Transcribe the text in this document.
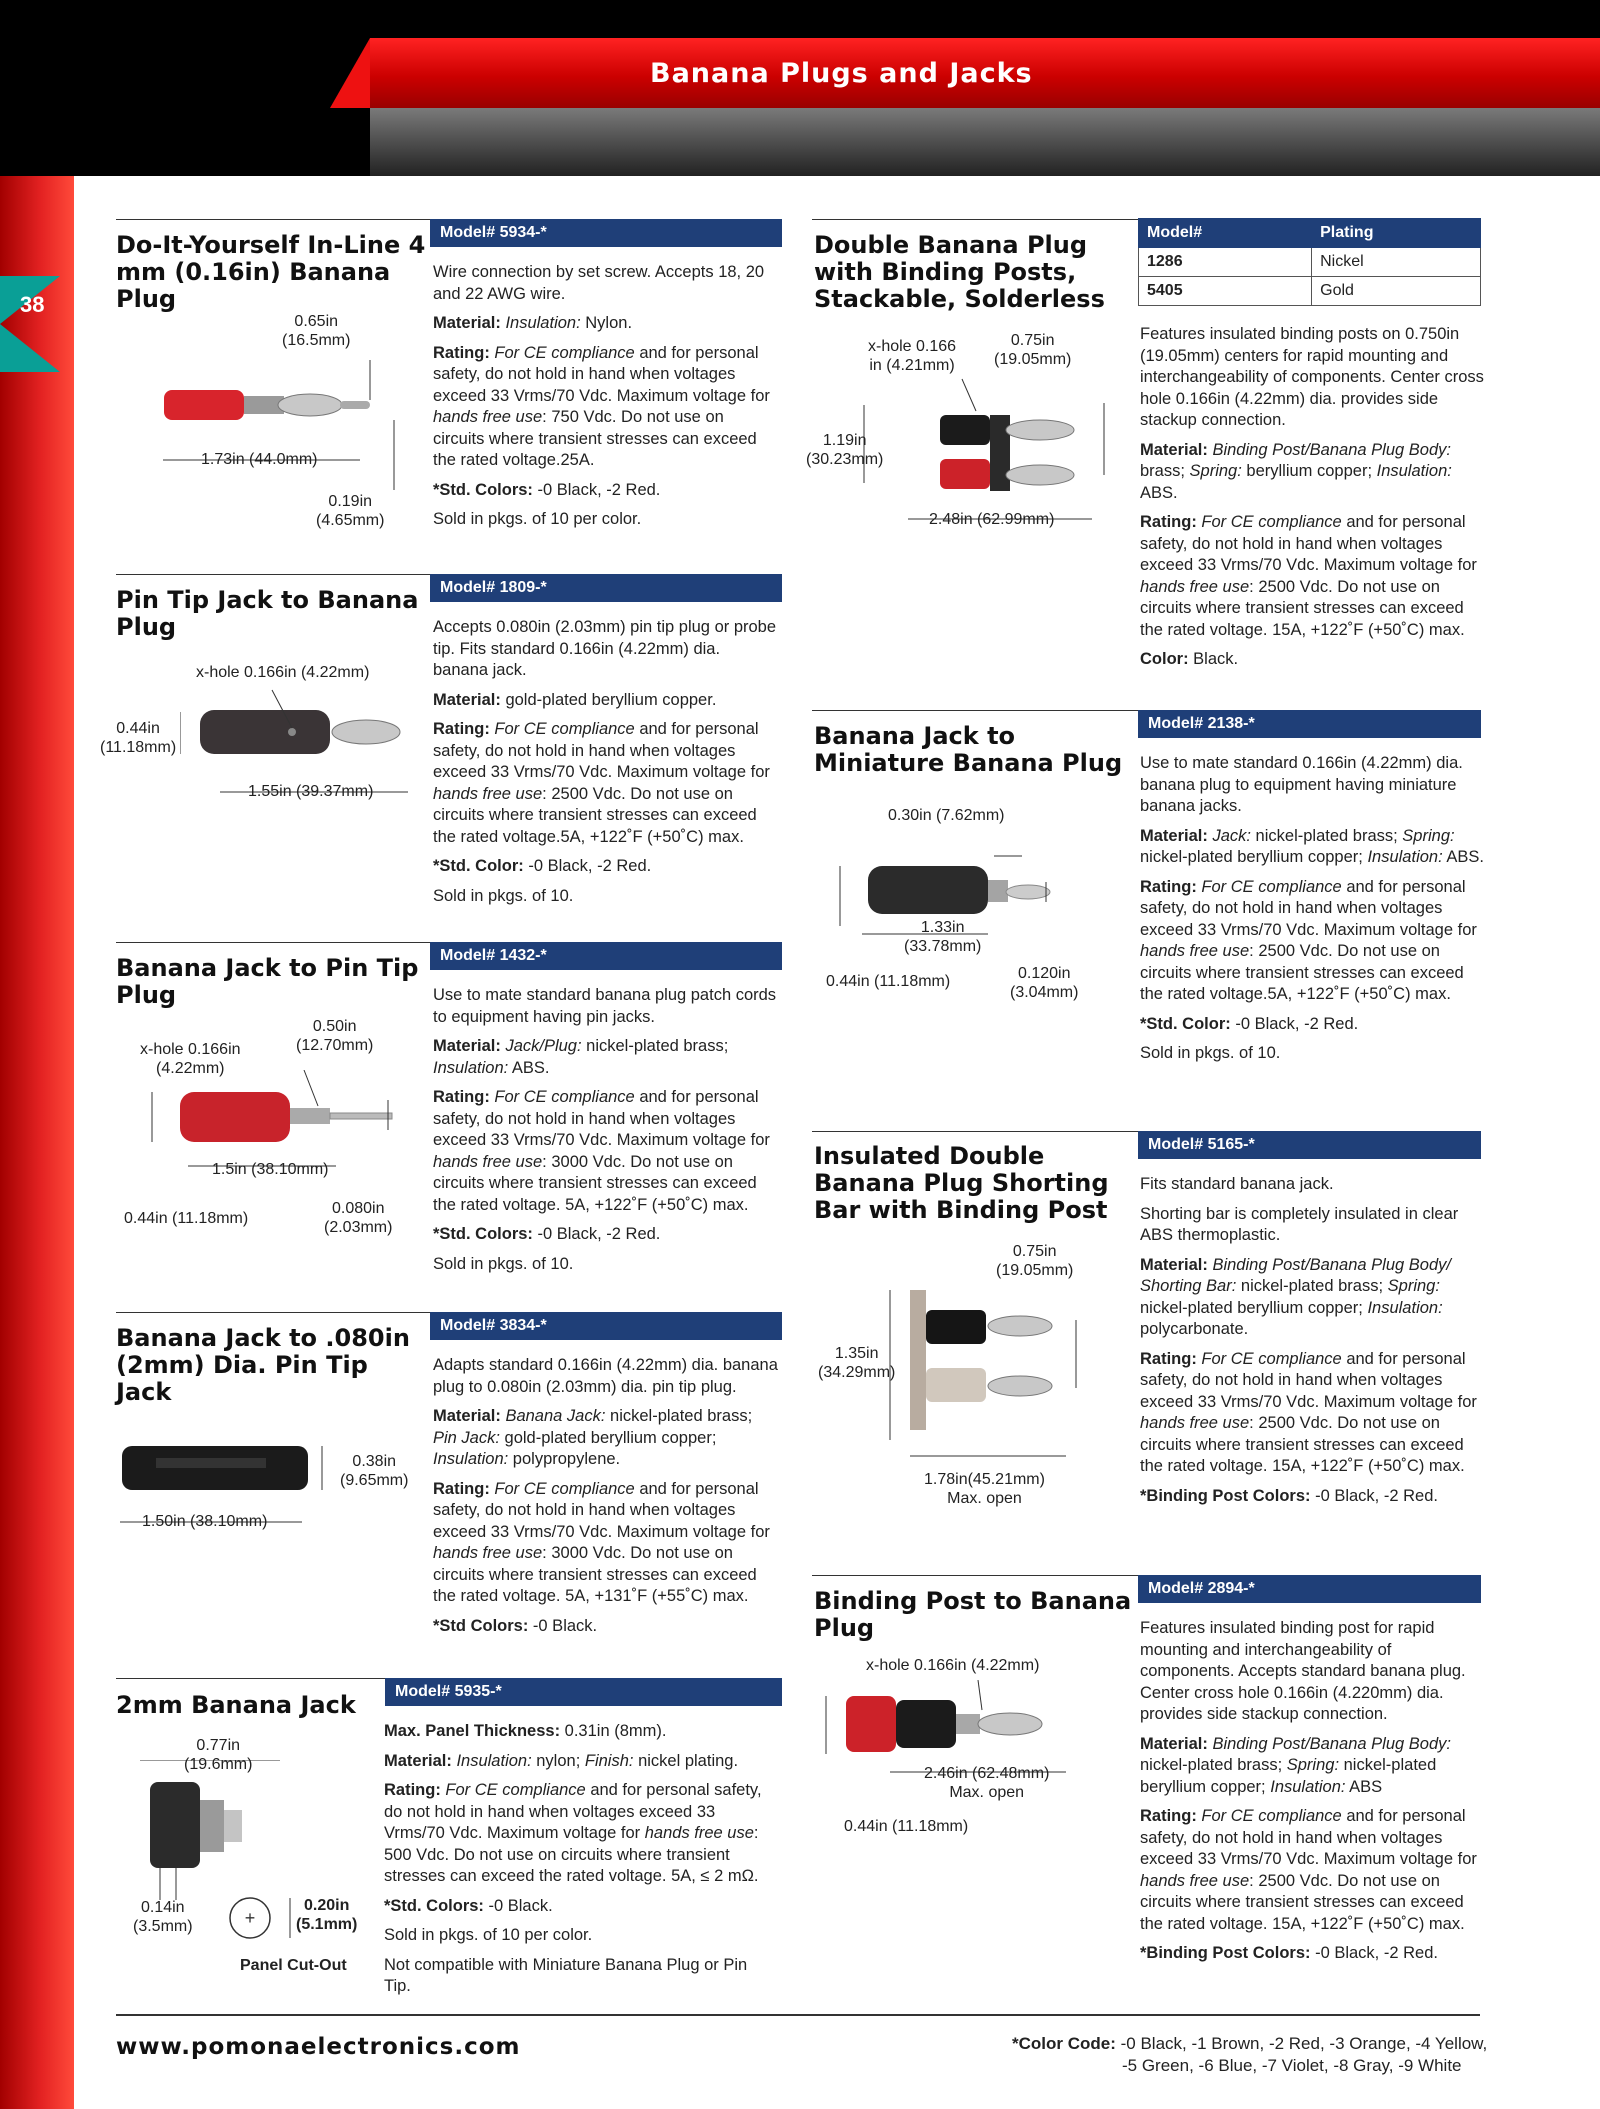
Banana Plugs and Jacks
38
Do-It-Yourself In-Line 4 mm (0.16in) Banana Plug
Model# 5934-*

Wire connection by set screw. Accepts 18, 20 and 22 AWG wire.

Material: Insulation: Nylon.

Rating: For CE compliance and for personal safety, do not hold in hand when voltages exceed 33 Vrms/70 Vdc. Maximum voltage for hands free use: 750 Vdc. Do not use on circuits where transient stresses can exceed the rated voltage.25A.

*Std. Colors: -0 Black, -2 Red.

Sold in pkgs. of 10 per color.

0.65in
(16.5mm)
1.73in (44.0mm)
0.19in
(4.65mm)
Pin Tip Jack to Banana Plug
Model# 1809-*

Accepts 0.080in (2.03mm) pin tip plug or probe tip. Fits standard 0.166in (4.22mm) dia. banana jack.

Material: gold-plated beryllium copper.

Rating: For CE compliance and for personal safety, do not hold in hand when voltages exceed 33 Vrms/70 Vdc. Maximum voltage for hands free use: 2500 Vdc. Do not use on circuits where transient stresses can exceed the rated voltage.5A, +122˚F (+50˚C) max.

*Std. Color: -0 Black, -2 Red.

Sold in pkgs. of 10.

x-hole 0.166in (4.22mm)
0.44in
(11.18mm)
1.55in (39.37mm)
Banana Jack to Pin Tip Plug
Model# 1432-*

Use to mate standard banana plug patch cords to equipment having pin jacks.

Material: Jack/Plug: nickel-plated brass; Insulation: ABS.

Rating: For CE compliance and for personal safety, do not hold in hand when voltages exceed 33 Vrms/70 Vdc. Maximum voltage for hands free use: 3000 Vdc. Do not use on circuits where transient stresses can exceed the rated voltage. 5A, +122˚F (+50˚C) max.

*Std. Colors: -0 Black, -2 Red.

Sold in pkgs. of 10.

0.50in
(12.70mm)
x-hole 0.166in
(4.22mm)
1.5in (38.10mm)
0.44in (11.18mm)
0.080in
(2.03mm)
Banana Jack to .080in (2mm) Dia. Pin Tip Jack
Model# 3834-*

Adapts standard 0.166in (4.22mm) dia. banana plug to 0.080in (2.03mm) dia. pin tip plug.

Material: Banana Jack: nickel-plated brass; Pin Jack: gold-plated beryllium copper; Insulation: polypropylene.

Rating: For CE compliance and for personal safety, do not hold in hand when voltages exceed 33 Vrms/70 Vdc. Maximum voltage for hands free use: 3000 Vdc. Do not use on circuits where transient stresses can exceed the rated voltage. 5A, +131˚F (+55˚C) max.

*Std Colors: -0 Black.

0.38in
(9.65mm)
1.50in (38.10mm)
2mm Banana Jack	Model# 5935-*

Max. Panel Thickness: 0.31in (8mm).

Material: Insulation: nylon; Finish: nickel plating.

Rating: For CE compliance and for personal safety, do not hold in hand when voltages exceed 33 Vrms/70 Vdc. Maximum voltage for hands free use: 500 Vdc. Do not use on circuits where transient stresses can exceed the rated voltage. 5A, ≤ 2 mΩ.

*Std. Colors: -0 Black.

Sold in pkgs. of 10 per color.

Not compatible with Miniature Banana Plug or Pin Tip.

+
0.77in
(19.6mm)
0.14in
(3.5mm)
0.20in
(5.1mm)
Panel Cut-Out
Double Banana Plug with Binding Posts, Stackable, Solderless
Model#	Plating
1286	Nickel
5405	Gold

Features insulated binding posts on 0.750in (19.05mm) centers for rapid mounting and interchangeability of components. Center cross hole 0.166in (4.22mm) dia. provides side stackup connection.

Material: Binding Post/Banana Plug Body: brass; Spring: beryllium copper; Insulation: ABS.

Rating: For CE compliance and for personal safety, do not hold in hand when voltages exceed 33 Vrms/70 Vdc. Maximum voltage for hands free use: 2500 Vdc. Do not use on circuits where transient stresses can exceed the rated voltage. 15A, +122˚F (+50˚C) max.

Color: Black.

x-hole 0.166
in (4.21mm)
0.75in
(19.05mm)
1.19in
(30.23mm)
2.48in (62.99mm)
Banana Jack to Miniature Banana Plug
Model# 2138-*

Use to mate standard 0.166in (4.22mm) dia. banana plug to equipment having miniature banana jacks.

Material: Jack: nickel-plated brass; Spring: nickel-plated beryllium copper; Insulation: ABS.

Rating: For CE compliance and for personal safety, do not hold in hand when voltages exceed 33 Vrms/70 Vdc. Maximum voltage for hands free use: 2500 Vdc. Do not use on circuits where transient stresses can exceed the rated voltage.5A, +122˚F (+50˚C) max.

*Std. Color: -0 Black, -2 Red.

Sold in pkgs. of 10.

0.30in (7.62mm)
1.33in
(33.78mm)
0.44in (11.18mm)	0.120in
(3.04mm)
Insulated Double Banana Plug Shorting Bar with Binding Post
Model# 5165-*

Fits standard banana jack.

Shorting bar is completely insulated in clear ABS thermoplastic.

Material: Binding Post/Banana Plug Body/ Shorting Bar: nickel-plated brass; Spring: nickel-plated beryllium copper; Insulation: polycarbonate.

Rating: For CE compliance and for personal safety, do not hold in hand when voltages exceed 33 Vrms/70 Vdc. Maximum voltage for hands free use: 2500 Vdc. Do not use on circuits where transient stresses can exceed the rated voltage. 15A, +122˚F (+50˚C) max.

*Binding Post Colors: -0 Black, -2 Red.

0.75in
(19.05mm)
1.35in
(34.29mm)
1.78in(45.21mm)
Max. open
Binding Post to Banana Plug
Model# 2894-*

Features insulated binding post for rapid mounting and interchangeability of components. Accepts standard banana plug. Center cross hole 0.166in (4.220mm) dia. provides side stackup connection.

Material: Binding Post/Banana Plug Body: nickel-plated brass; Spring: nickel-plated beryllium copper; Insulation: ABS

Rating: For CE compliance and for personal safety, do not hold in hand when voltages exceed 33 Vrms/70 Vdc. Maximum voltage for hands free use: 2500 Vdc. Do not use on circuits where transient stresses can exceed the rated voltage. 15A, +122˚F (+50˚C) max.

*Binding Post Colors: -0 Black, -2 Red.

x-hole 0.166in (4.22mm)
2.46in (62.48mm)
Max. open
0.44in (11.18mm)
www.pomonaelectronics.com	*Color Code: -0 Black, -1 Brown, -2 Red, -3 Orange, -4 Yellow,
-5 Green, -6 Blue, -7 Violet, -8 Gray, -9 White
